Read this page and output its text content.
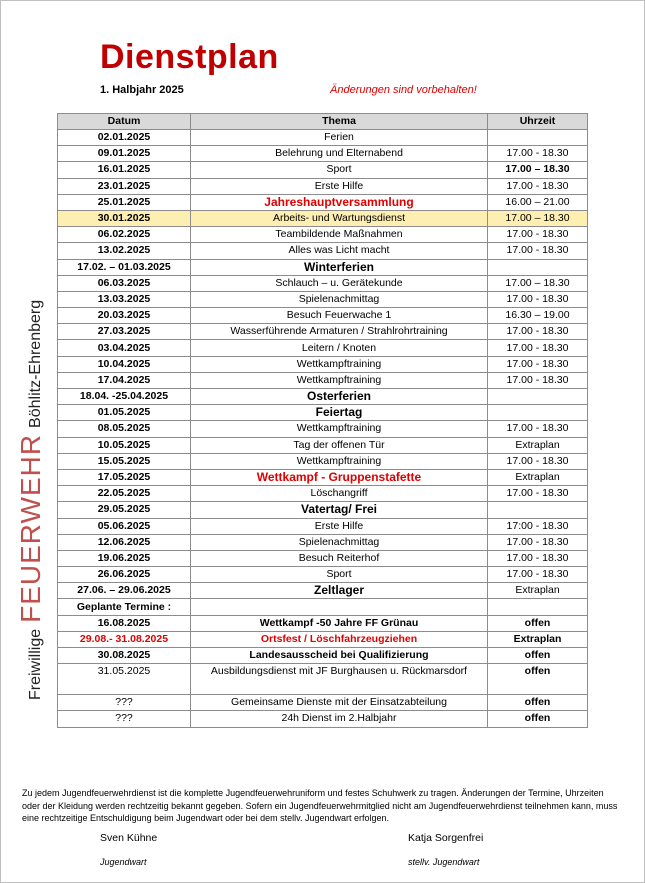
Dienstplan
1. Halbjahr 2025	Änderungen sind vorbehalten!
Freiwillige
FEUERWEHR
Böhlitz-Ehrenberg
Datum	Thema	Uhrzeit
02.01.2025	Ferien	
09.01.2025	Belehrung und Elternabend	17.00 - 18.30
16.01.2025	Sport	17.00 – 18.30
23.01.2025	Erste Hilfe	17.00 - 18.30
25.01.2025	Jahreshauptversammlung	16.00 – 21.00
30.01.2025	Arbeits- und Wartungsdienst	17.00 – 18.30
06.02.2025	Teambildende Maßnahmen	17.00 - 18.30
13.02.2025	Alles was Licht macht	17.00 - 18.30
17.02. – 01.03.2025	Winterferien	
06.03.2025	Schlauch – u. Gerätekunde	17.00 – 18.30
13.03.2025	Spielenachmittag	17.00 - 18.30
20.03.2025	Besuch Feuerwache 1	16.30 – 19.00
27.03.2025	Wasserführende Armaturen / Strahlrohrtraining	17.00 - 18.30
03.04.2025	Leitern / Knoten	17.00 - 18.30
10.04.2025	Wettkampftraining	17.00 - 18.30
17.04.2025	Wettkampftraining	17.00 - 18.30
18.04. -25.04.2025	Osterferien	
01.05.2025	Feiertag	
08.05.2025	Wettkampftraining	17.00 - 18.30
10.05.2025	Tag der offenen Tür	Extraplan
15.05.2025	Wettkampftraining	17.00 - 18.30
17.05.2025	Wettkampf - Gruppenstafette	Extraplan
22.05.2025	Löschangriff	17.00 - 18.30
29.05.2025	Vatertag/ Frei	
05.06.2025	Erste Hilfe	17:00 - 18.30
12.06.2025	Spielenachmittag	17.00 - 18.30
19.06.2025	Besuch Reiterhof	17.00 - 18.30
26.06.2025	Sport	17.00 - 18.30
27.06. – 29.06.2025	Zeltlager	Extraplan
Geplante Termine :		
16.08.2025	Wettkampf -50 Jahre FF Grünau	offen
29.08.- 31.08.2025	Ortsfest / Löschfahrzeugziehen	Extraplan
30.08.2025	Landesausscheid bei Qualifizierung	offen
31.05.2025	Ausbildungsdienst mit JF Burghausen u. Rückmarsdorf	offen
???	Gemeinsame Dienste mit der Einsatzabteilung	offen
???	24h Dienst im 2.Halbjahr	offen
Zu jedem Jugendfeuerwehrdienst ist die komplette Jugendfeuerwehruniform und festes Schuhwerk zu tragen. Änderungen der Termine, Uhrzeiten oder der Kleidung werden rechtzeitig bekannt gegeben. Sofern ein Jugendfeuerwehrmitglied nicht am Jugendfeuerwehrdienst teilnehmen kann, muss eine rechtzeitige Entschuldigung beim Jugendwart oder bei dem stellv. Jugendwart erfolgen.
Sven Kühne
Jugendwart
Katja Sorgenfrei
stellv. Jugendwart
